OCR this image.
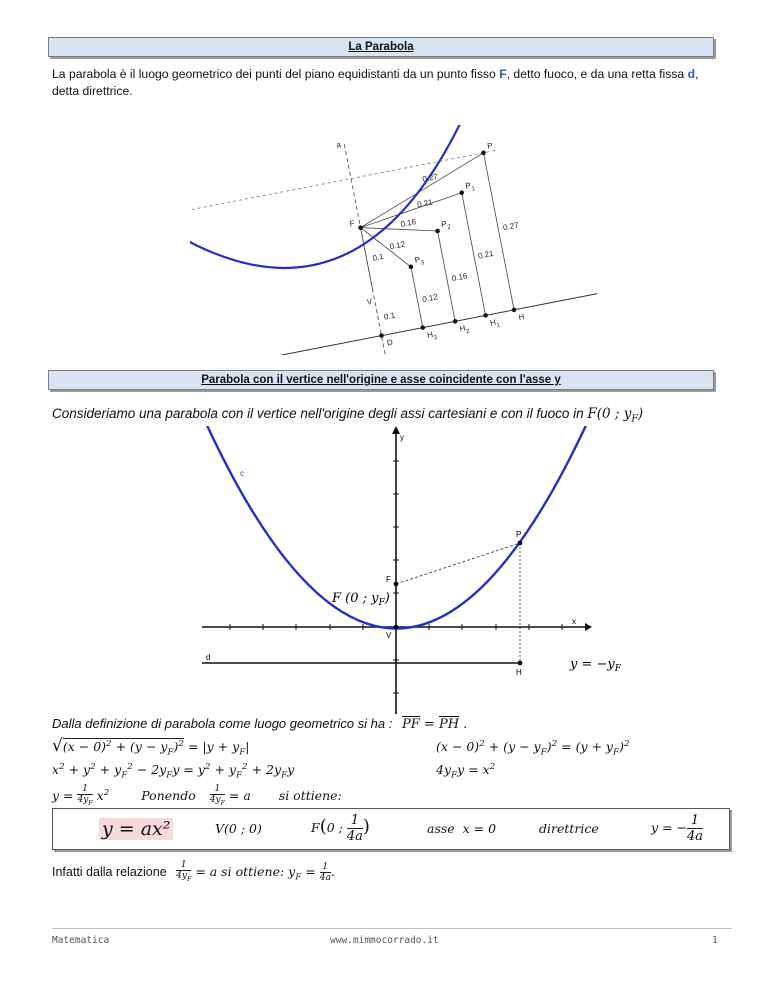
La Parabola
La parabola è il luogo geometrico dei punti del piano equidistanti da un punto fisso F, detto fuoco, e da una retta fissa d, detta direttrice.
a	P
$P_1$
$P_2$
$P_3$
F
V
D
H
$H_1$
$H_2$
$H_3$
0.27
0.27
0.21
0.21
0.16
0.16
0.12
0.12
0.1
0.1
Parabola con il vertice nell'origine e asse coincidente con l'asse y
Consideriamo una parabola con il vertice nell'origine degli assi cartesiani e con il fuoco in F(0 ; $y_F$)
y
c
P
F
x
V
d
H
F (0 ; $y_F$)
$y = -y_F$
Dalla definizione di parabola come luogo geometrico si ha : $\overline{PF} = \overline{PH}$ .
$√(x - 0)^2 + (y - y_F)^2 = |y + y_F|$	$(x - 0)^2 + (y - y_F)^2 = (y + y_F)^2$
$x^2 + y^2 + y_F^2 - 2y_Fy = y^2 + y_F^2 + 2y_Fy$	$4y_Fy = x^2$
$y = \frac{1}{4y_F} x^2$	Ponendo $\frac{1}{4y_F} = a$ si ottiene:
y = ax²	V(0 ; 0)	F(0 ; $\frac{1}{4a}$ )	asse  x = 0	direttrice	y = − $\frac{1}{4a}$
Infatti dalla relazione $\frac{1}{4y_F} = a$ si ottiene: $y_F = \frac{1}{4a}$ .
Matematica	www.mimmocorrado.it	1
